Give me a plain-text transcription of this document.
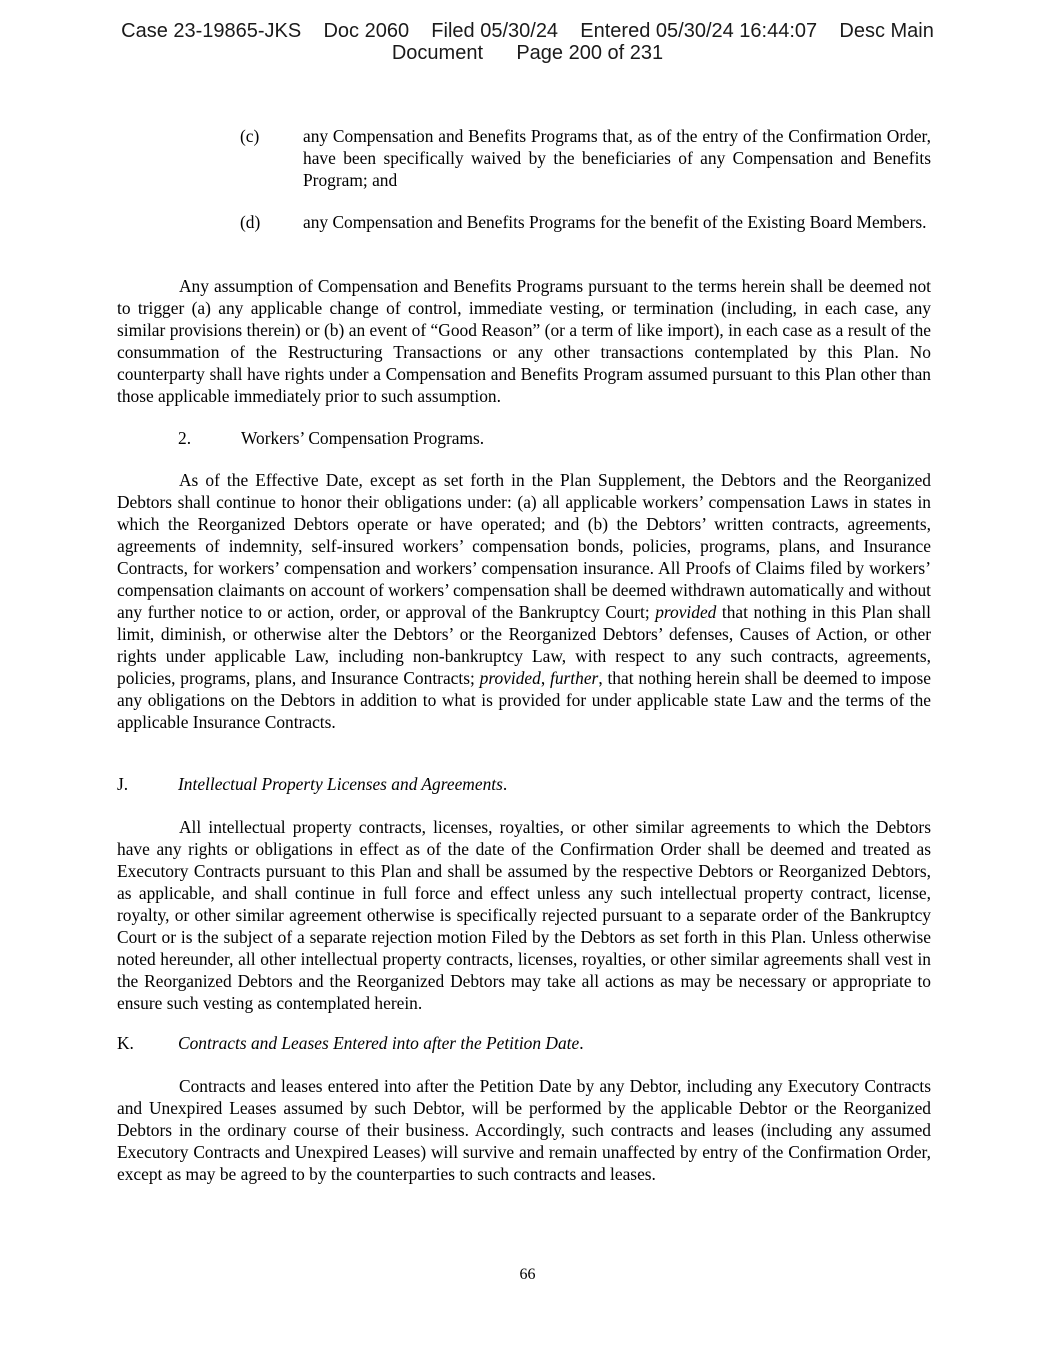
Case 23-19865-JKS    Doc 2060    Filed 05/30/24    Entered 05/30/24 16:44:07    Desc Main
Document      Page 200 of 231
(c)	any Compensation and Benefits Programs that, as of the entry of the Confirmation Order, have been specifically waived by the beneficiaries of any Compensation and Benefits Program; and
(d) any Compensation and Benefits Programs for the benefit of the Existing Board Members.
Any assumption of Compensation and Benefits Programs pursuant to the terms herein shall be deemed not to trigger (a) any applicable change of control, immediate vesting, or termination (including, in each case, any similar provisions therein) or (b) an event of “Good Reason” (or a term of like import), in each case as a result of the consummation of the Restructuring Transactions or any other transactions contemplated by this Plan. No counterparty shall have rights under a Compensation and Benefits Program assumed pursuant to this Plan other than those applicable immediately prior to such assumption.
2.	Workers’ Compensation Programs.
As of the Effective Date, except as set forth in the Plan Supplement, the Debtors and the Reorganized Debtors shall continue to honor their obligations under: (a) all applicable workers’ compensation Laws in states in which the Reorganized Debtors operate or have operated; and (b) the Debtors’ written contracts, agreements, agreements of indemnity, self-insured workers’ compensation bonds, policies, programs, plans, and Insurance Contracts, for workers’ compensation and workers’ compensation insurance. All Proofs of Claims filed by workers’ compensation claimants on account of workers’ compensation shall be deemed withdrawn automatically and without any further notice to or action, order, or approval of the Bankruptcy Court; provided that nothing in this Plan shall limit, diminish, or otherwise alter the Debtors’ or the Reorganized Debtors’ defenses, Causes of Action, or other rights under applicable Law, including non-bankruptcy Law, with respect to any such contracts, agreements, policies, programs, plans, and Insurance Contracts; provided, further, that nothing herein shall be deemed to impose any obligations on the Debtors in addition to what is provided for under applicable state Law and the terms of the applicable Insurance Contracts.
J.	Intellectual Property Licenses and Agreements.
All intellectual property contracts, licenses, royalties, or other similar agreements to which the Debtors have any rights or obligations in effect as of the date of the Confirmation Order shall be deemed and treated as Executory Contracts pursuant to this Plan and shall be assumed by the respective Debtors or Reorganized Debtors, as applicable, and shall continue in full force and effect unless any such intellectual property contract, license, royalty, or other similar agreement otherwise is specifically rejected pursuant to a separate order of the Bankruptcy Court or is the subject of a separate rejection motion Filed by the Debtors as set forth in this Plan. Unless otherwise noted hereunder, all other intellectual property contracts, licenses, royalties, or other similar agreements shall vest in the Reorganized Debtors and the Reorganized Debtors may take all actions as may be necessary or appropriate to ensure such vesting as contemplated herein.
K.	Contracts and Leases Entered into after the Petition Date.
Contracts and leases entered into after the Petition Date by any Debtor, including any Executory Contracts and Unexpired Leases assumed by such Debtor, will be performed by the applicable Debtor or the Reorganized Debtors in the ordinary course of their business. Accordingly, such contracts and leases (including any assumed Executory Contracts and Unexpired Leases) will survive and remain unaffected by entry of the Confirmation Order, except as may be agreed to by the counterparties to such contracts and leases.
66
